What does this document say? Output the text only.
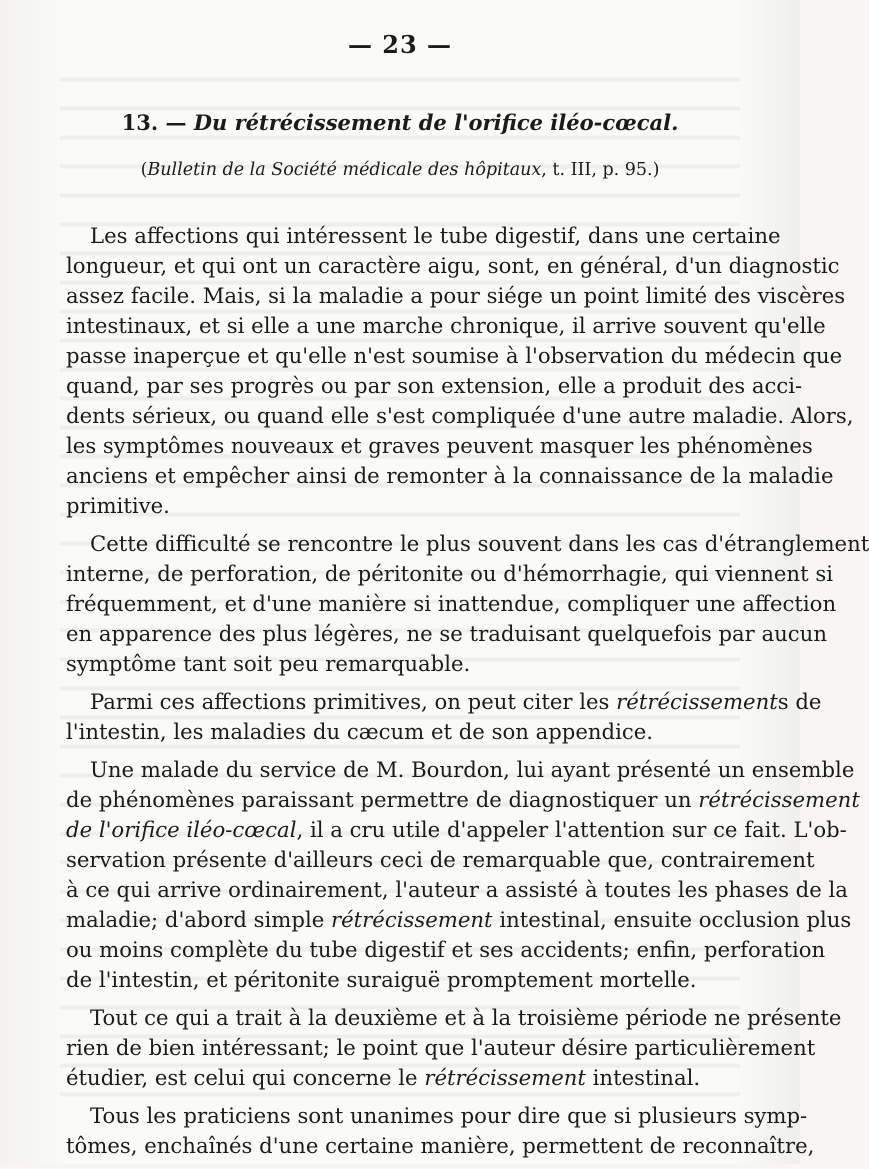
— 23 —
13. — Du rétrécissement de l'orifice iléo-cœcal.
(Bulletin de la Société médicale des hôpitaux, t. III, p. 95.)
Les affections qui intéressent le tube digestif, dans une certaine
longueur, et qui ont un caractère aigu, sont, en général, d'un diagnostic
assez facile. Mais, si la maladie a pour siége un point limité des viscères
intestinaux, et si elle a une marche chronique, il arrive souvent qu'elle
passe inaperçue et qu'elle n'est soumise à l'observation du médecin que
quand, par ses progrès ou par son extension, elle a produit des acci-
dents sérieux, ou quand elle s'est compliquée d'une autre maladie. Alors,
les symptômes nouveaux et graves peuvent masquer les phénomènes
anciens et empêcher ainsi de remonter à la connaissance de la maladie
primitive.
Cette difficulté se rencontre le plus souvent dans les cas d'étranglement
interne, de perforation, de péritonite ou d'hémorrhagie, qui viennent si
fréquemment, et d'une manière si inattendue, compliquer une affection
en apparence des plus légères, ne se traduisant quelquefois par aucun
symptôme tant soit peu remarquable.
Parmi ces affections primitives, on peut citer les rétrécissements de
l'intestin, les maladies du cæcum et de son appendice.
Une malade du service de M. Bourdon, lui ayant présenté un ensemble
de phénomènes paraissant permettre de diagnostiquer un rétrécissement
de l'orifice iléo-cœcal, il a cru utile d'appeler l'attention sur ce fait. L'ob-
servation présente d'ailleurs ceci de remarquable que, contrairement
à ce qui arrive ordinairement, l'auteur a assisté à toutes les phases de la
maladie; d'abord simple rétrécissement intestinal, ensuite occlusion plus
ou moins complète du tube digestif et ses accidents; enfin, perforation
de l'intestin, et péritonite suraiguë promptement mortelle.
Tout ce qui a trait à la deuxième et à la troisième période ne présente
rien de bien intéressant; le point que l'auteur désire particulièrement
étudier, est celui qui concerne le rétrécissement intestinal.
Tous les praticiens sont unanimes pour dire que si plusieurs symp-
tômes, enchaînés d'une certaine manière, permettent de reconnaître,
